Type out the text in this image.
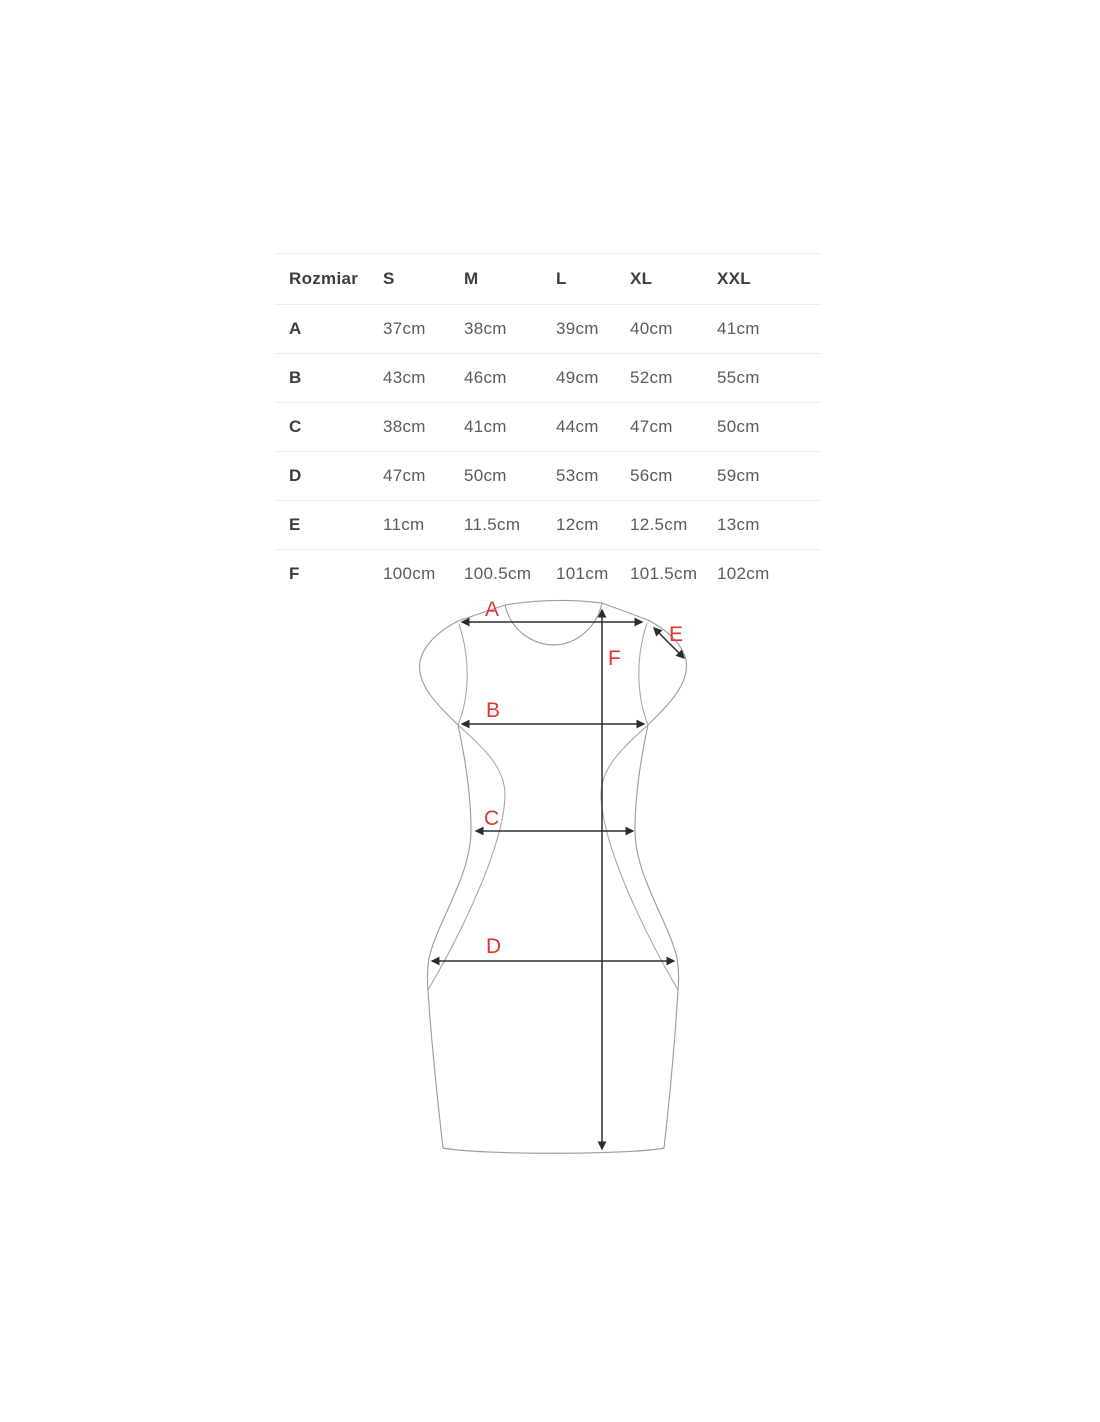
Rozmiar	S	M	L	XL	XXL
A	37cm	38cm	39cm	40cm	41cm
B	43cm	46cm	49cm	52cm	55cm
C	38cm	41cm	44cm	47cm	50cm
D	47cm	50cm	53cm	56cm	59cm
E	11cm	11.5cm	12cm	12.5cm	13cm
F	100cm	100.5cm	101cm	101.5cm	102cm
A
B
C
D
E
F
